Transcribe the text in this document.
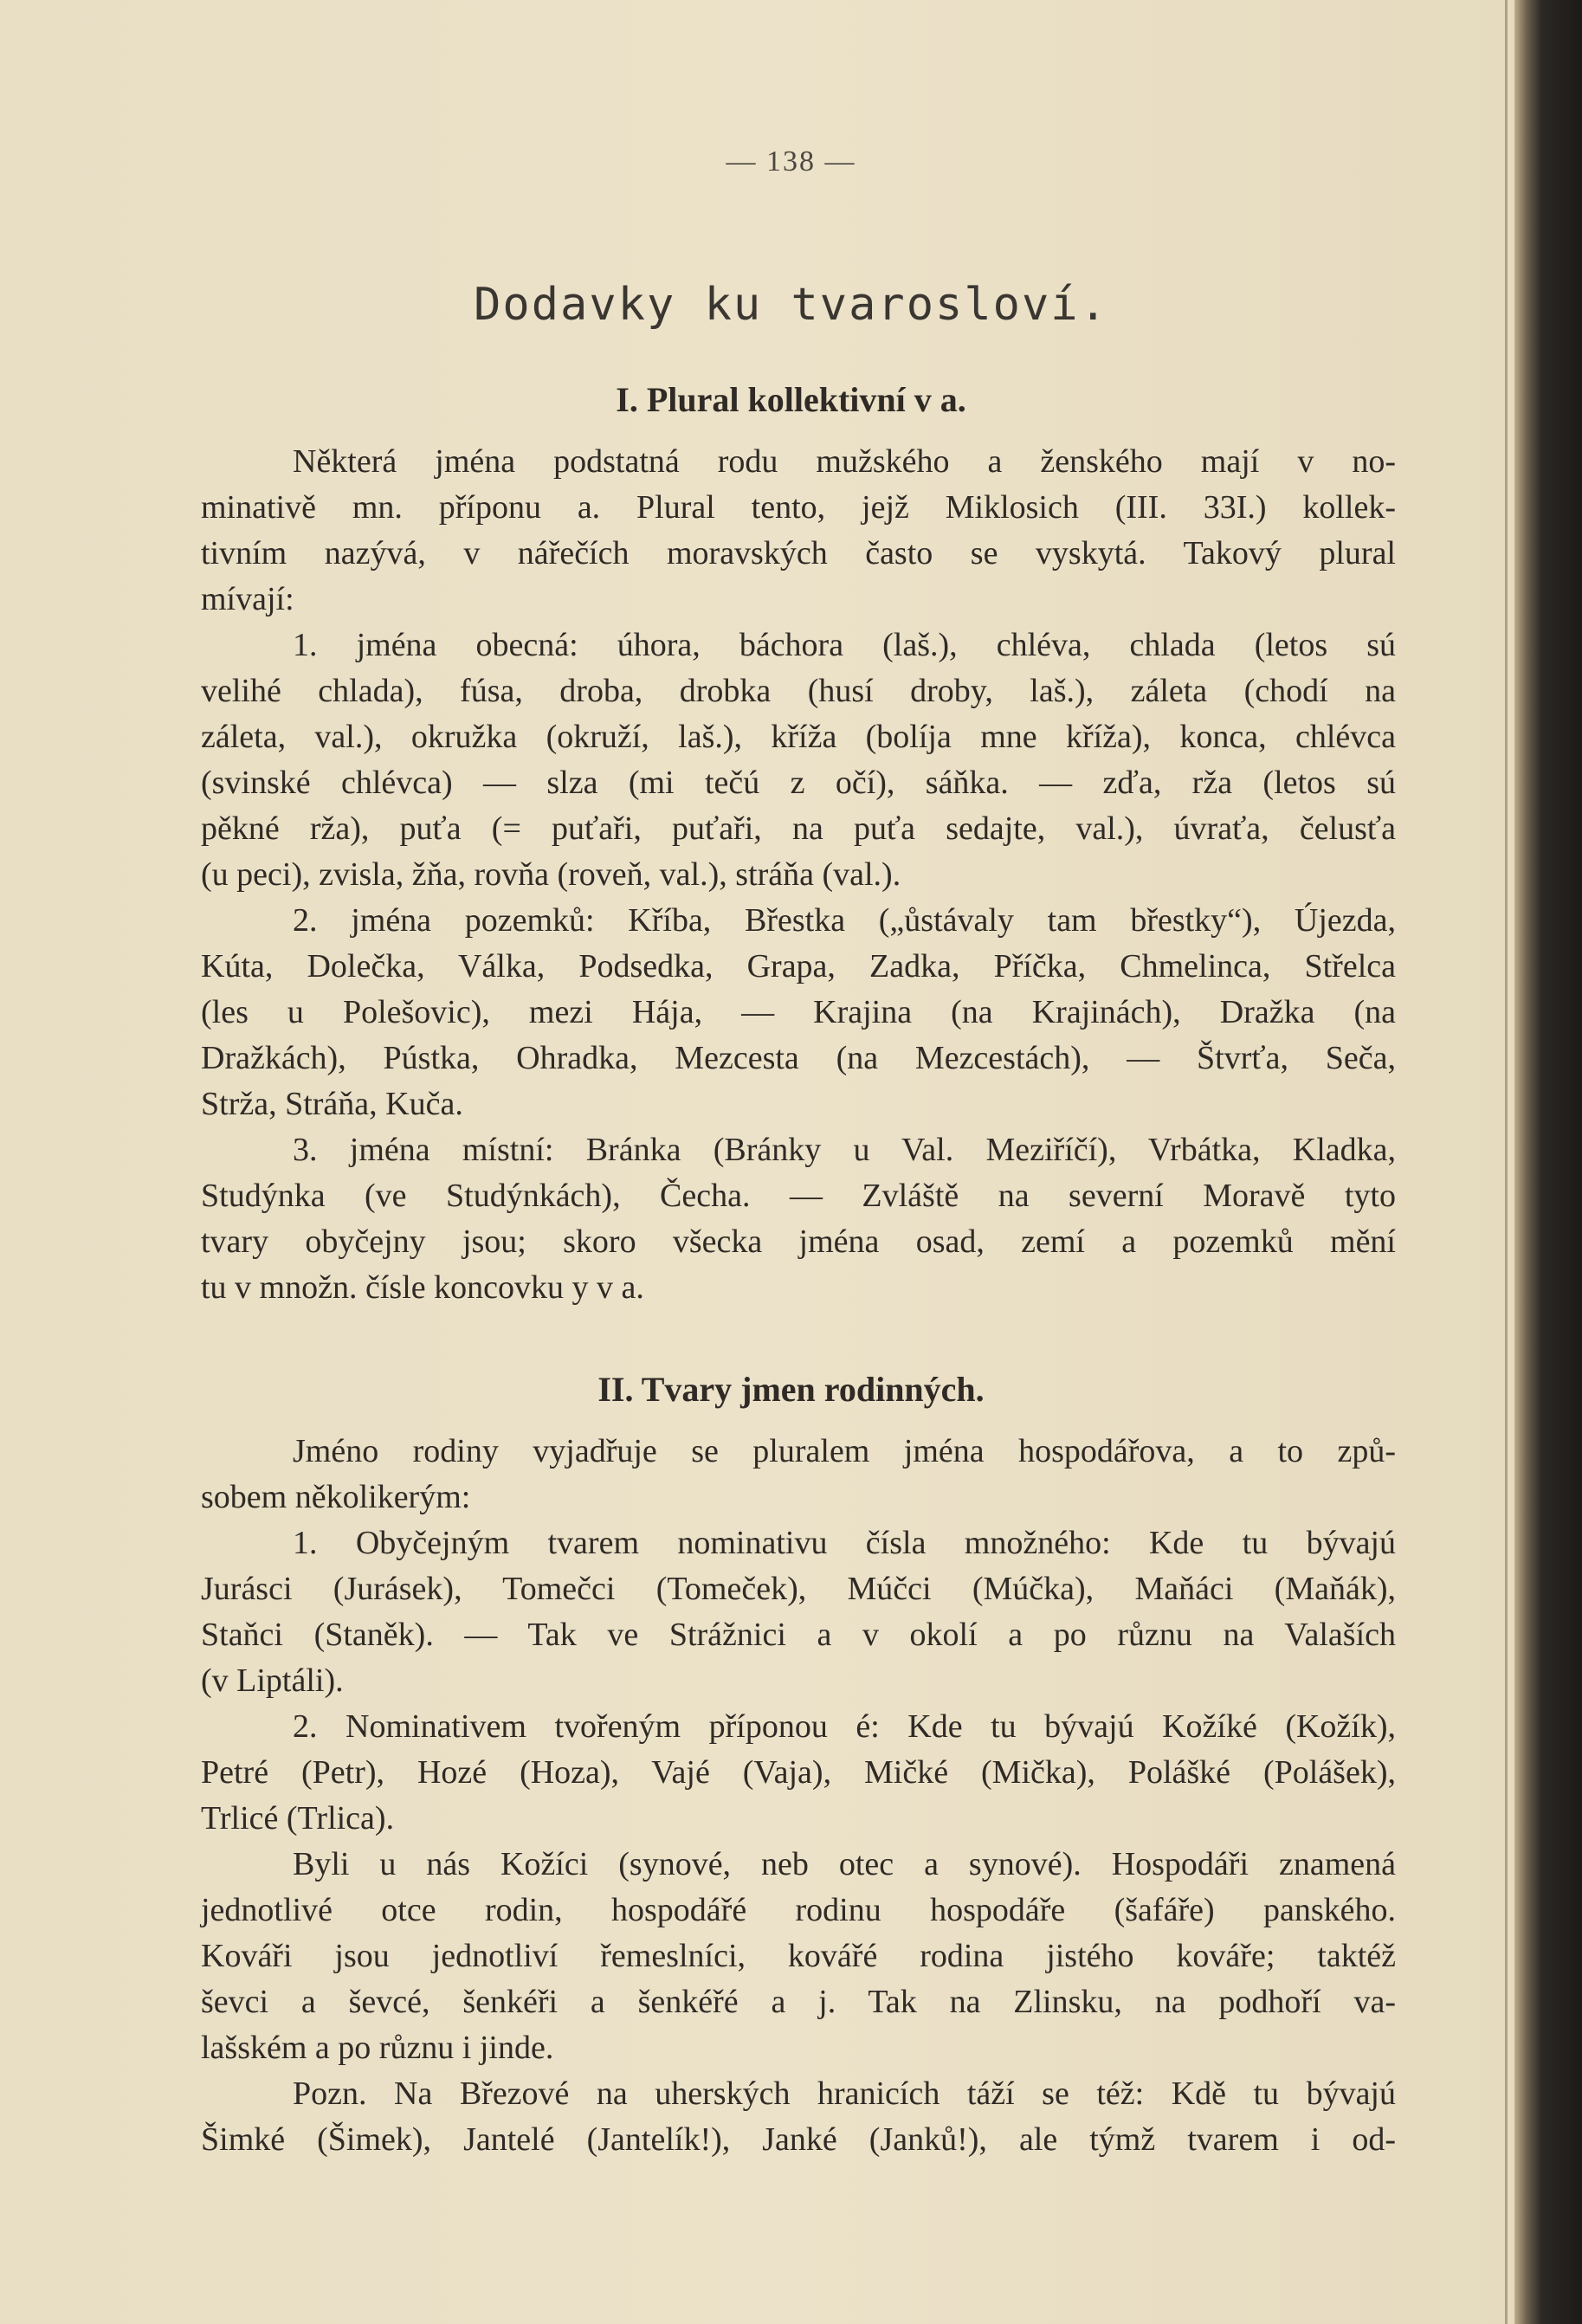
— 138 —
Dodavky ku tvarosloví.
I. Plural kollektivní v a.
Některá jména podstatná rodu mužského a ženského mají v no-
minativě mn. příponu a. Plural tento, jejž Miklosich (III. 33I.) kollek-
tivním nazývá, v nářečích moravských často se vyskytá. Takový plural
mívají:
1. jména obecná: úhora, báchora (laš.), chléva, chlada (letos sú
velihé chlada), fúsa, droba, drobka (husí droby, laš.), záleta (chodí na
záleta, val.), okružka (okruží, laš.), kříža (bolíja mne kříža), konca, chlévca
(svinské chlévca) — slza (mi tečú z očí), sáňka. — zďa, rža (letos sú
pěkné rža), puťa (= puťaři, puťaři, na puťa sedajte, val.), úvraťa, čelusťa
(u peci), zvisla, žňa, rovňa (roveň, val.), stráňa (val.).
2. jména pozemků: Kříba, Břestka („ůstávaly tam břestky“), Újezda,
Kúta, Dolečka, Válka, Podsedka, Grapa, Zadka, Příčka, Chmelinca, Střelca
(les u Polešovic), mezi Hája, — Krajina (na Krajinách), Dražka (na
Dražkách), Pústka, Ohradka, Mezcesta (na Mezcestách), — Štvrťa, Seča,
Strža, Stráňa, Kuča.
3. jména místní: Bránka (Bránky u Val. Meziříčí), Vrbátka, Kladka,
Studýnka (ve Studýnkách), Čecha. — Zvláště na severní Moravě tyto
tvary obyčejny jsou; skoro všecka jména osad, zemí a pozemků mění
tu v množn. čísle koncovku y v a.
II. Tvary jmen rodinných.
Jméno rodiny vyjadřuje se pluralem jména hospodářova, a to způ-
sobem několikerým:
1. Obyčejným tvarem nominativu čísla množného: Kde tu bývajú
Jurásci (Jurásek), Tomečci (Tomeček), Múčci (Múčka), Maňáci (Maňák),
Staňci (Staněk). — Tak ve Strážnici a v okolí a po různu na Valaších
(v Liptáli).
2. Nominativem tvořeným příponou é: Kde tu bývajú Kožíké (Kožík),
Petré (Petr), Hozé (Hoza), Vajé (Vaja), Mičké (Mička), Polášké (Polášek),
Trlicé (Trlica).
Byli u nás Kožíci (synové, neb otec a synové). Hospodáři znamená
jednotlivé otce rodin, hospodářé rodinu hospodáře (šafáře) panského.
Kováři jsou jednotliví řemeslníci, kovářé rodina jistého kováře; taktéž
ševci a ševcé, šenkéři a šenkéřé a j. Tak na Zlinsku, na podhoří va-
lašském a po různu i jinde.
Pozn. Na Březové na uherských hranicích táží se též: Kdě tu bývajú
Šimké (Šimek), Jantelé (Jantelík!), Janké (Janků!), ale týmž tvarem i od-
